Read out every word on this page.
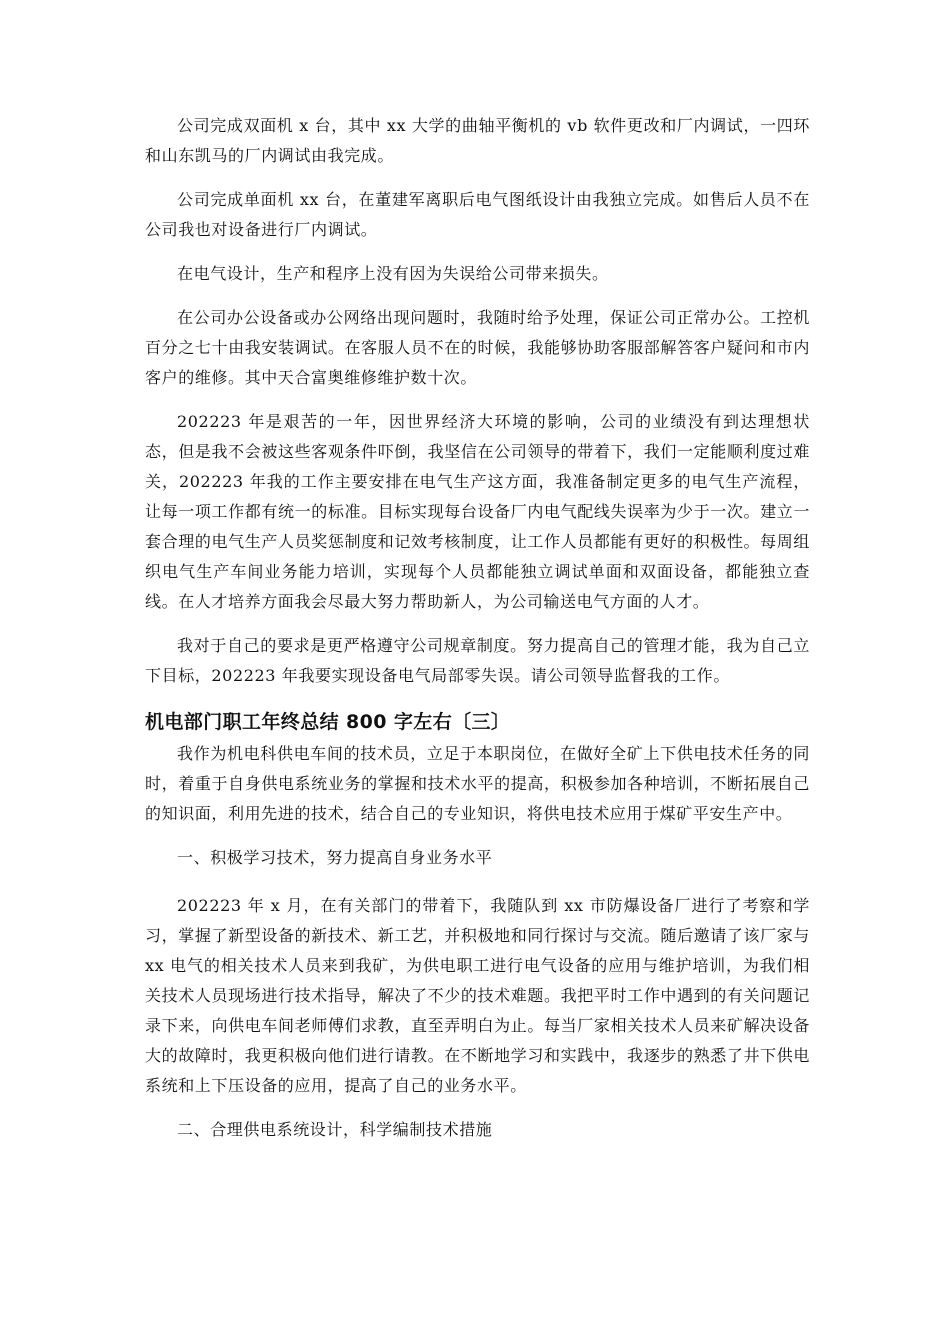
公司完成双面机 x 台，其中 xx 大学的曲轴平衡机的 vb 软件更改和厂内调试，一四环和山东凯马的厂内调试由我完成。

公司完成单面机 xx 台，在董建军离职后电气图纸设计由我独立完成。如售后人员不在公司我也对设备进行厂内调试。

在电气设计，生产和程序上没有因为失误给公司带来损失。

在公司办公设备或办公网络出现问题时，我随时给予处理，保证公司正常办公。工控机百分之七十由我安装调试。在客服人员不在的时候，我能够协助客服部解答客户疑问和市内客户的维修。其中天合富奥维修维护数十次。

202223 年是艰苦的一年，因世界经济大环境的影响，公司的业绩没有到达理想状态，但是我不会被这些客观条件吓倒，我坚信在公司领导的带着下，我们一定能顺利度过难关，202223 年我的工作主要安排在电气生产这方面，我准备制定更多的电气生产流程，让每一项工作都有统一的标准。目标实现每台设备厂内电气配线失误率为少于一次。建立一套合理的电气生产人员奖惩制度和记效考核制度，让工作人员都能有更好的积极性。每周组织电气生产车间业务能力培训，实现每个人员都能独立调试单面和双面设备，都能独立查线。在人才培养方面我会尽最大努力帮助新人，为公司输送电气方面的人才。

我对于自己的要求是更严格遵守公司规章制度。努力提高自己的管理才能，我为自己立下目标，202223 年我要实现设备电气局部零失误。请公司领导监督我的工作。

机电部门职工年终总结 800 字左右〔三〕

我作为机电科供电车间的技术员，立足于本职岗位，在做好全矿上下供电技术任务的同时，着重于自身供电系统业务的掌握和技术水平的提高，积极参加各种培训，不断拓展自己的知识面，利用先进的技术，结合自己的专业知识，将供电技术应用于煤矿平安生产中。

一、积极学习技术，努力提高自身业务水平

202223 年 x 月，在有关部门的带着下，我随队到 xx 市防爆设备厂进行了考察和学习，掌握了新型设备的新技术、新工艺，并积极地和同行探讨与交流。随后邀请了该厂家与 xx 电气的相关技术人员来到我矿，为供电职工进行电气设备的应用与维护培训，为我们相关技术人员现场进行技术指导，解决了不少的技术难题。我把平时工作中遇到的有关问题记录下来，向供电车间老师傅们求教，直至弄明白为止。每当厂家相关技术人员来矿解决设备大的故障时，我更积极向他们进行请教。在不断地学习和实践中，我逐步的熟悉了井下供电系统和上下压设备的应用，提高了自己的业务水平。

二、合理供电系统设计，科学编制技术措施
